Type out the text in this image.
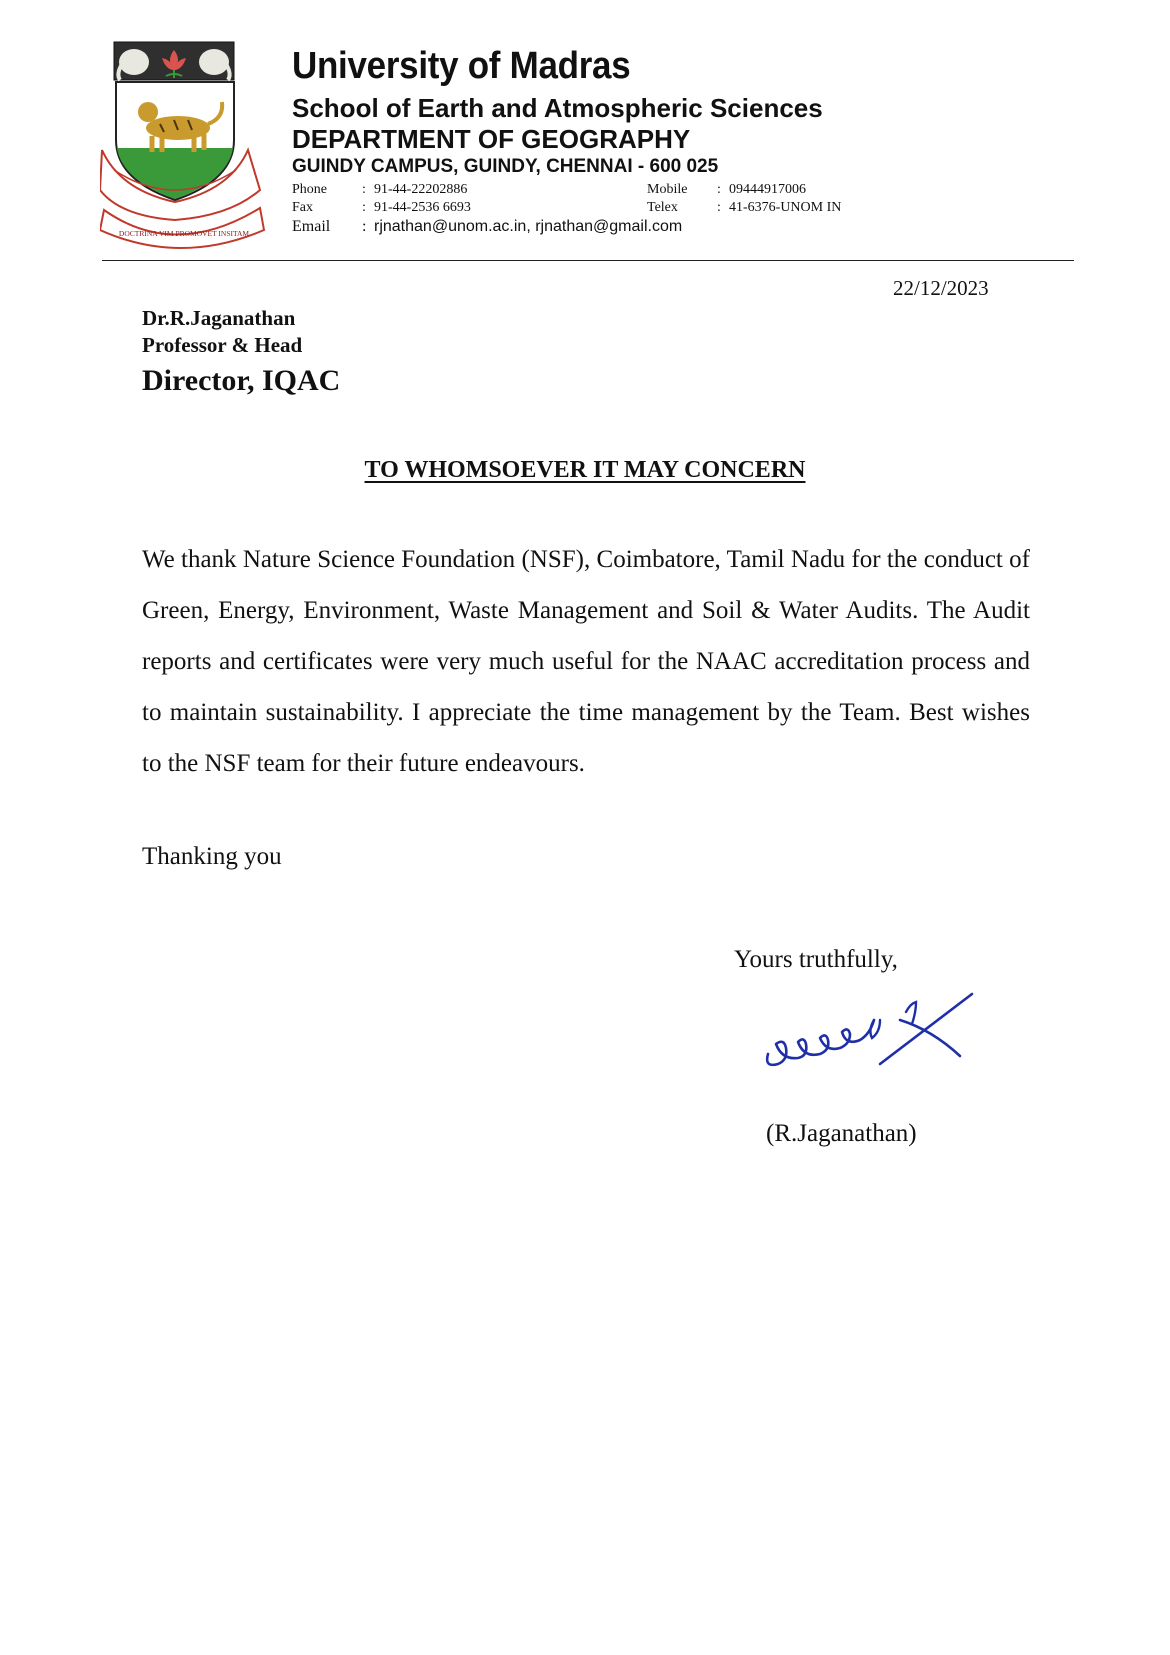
DOCTRINA VIM PROMOVET INSITAM
University of Madras
School of Earth and Atmospheric Sciences
DEPARTMENT OF GEOGRAPHY
GUINDY CAMPUS, GUINDY, CHENNAI - 600 025
Phone	: 91-44-22202886	Mobile : 09444917006
Fax	: 91-44-2536 6693	Telex	: 41-6376-UNOM IN
Email : rjnathan@unom.ac.in, rjnathan@gmail.com
22/12/2023
Dr.R.Jaganathan
Professor & Head
Director, IQAC
TO WHOMSOEVER IT MAY CONCERN

We thank Nature Science Foundation (NSF), Coimbatore, Tamil Nadu for the conduct of Green, Energy, Environment, Waste Management and Soil & Water Audits. The Audit reports and certificates were very much useful for the NAAC accreditation process and to maintain sustainability. I appreciate the time management by the Team. Best wishes to the NSF team for their future endeavours.

Thanking you
Yours truthfully,
(R.Jaganathan)
